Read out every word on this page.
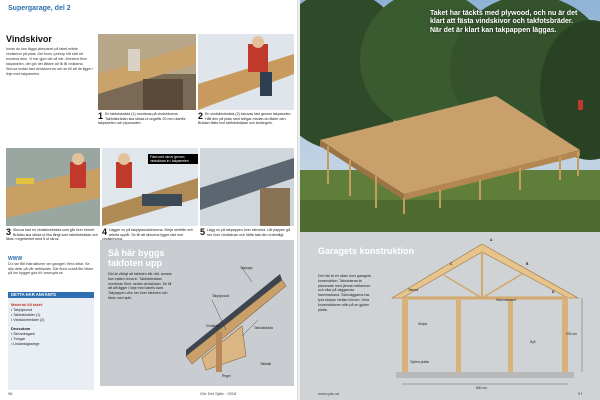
Supergarage, del 2
Vindskivor
Innan du kan lägga ytterpanel på taket måste vindskivor på plats. Det finns i princip två sätt att montera dem. Vi har gjort det så här: Montera först takpanelen, det gör det lättare att få till vinklarna. Skruva sedan fast vindskivorna och se till att de ligger i linje med takpanelen.
1 En takfotsbräda (1) monteras på vindskivorna. Takfotsbrädan ska sticka ut ungefär 20 mm utanför takpanelen och plywooden.
2 En vindskivebräda (2) skruvas fast genom takpanelen. Håll den på plats med tvingar medan du fäster den. Brädan fästs mot takfotsbrädan och ändregeln.
Fäst med skruv genom vindskivan in i takpanelen
3 Skruva fast en vindskivebräda som går över hörnet. Brädan ska sticka ut lika långt som takfotsbrädan och fästs i regelverket med 5 st skruv.
4 Lägger nu på takplywoodskivorna. Börja nerifrån och arbeta uppåt. Se till att skivorna ligger rakt mot	5 Lägg nu på takpappen över skivorna. Låt pappen gå ner över vindskivan och häfta fast den ordentligt.
WWW
Du har fått instruktioner om garaget i flera delar. Se alla delar på vår webbplats. Där finns också fler bilder på hur bygget gick till: www.gds.se
DETTA HAR ANVÄNTS
Material till taket
• Takplywood
• Takfotsbräder (1)
• Vindskivebräder (2)
Dessutom
• Skruvdragare
• Tvingar
• Undantagsstege
Så här byggs takfoten upp
Det är viktigt att takfoten blir rätt, annars kan vatten rinna in. Takfotsbrädan monteras först, sedan vindskivan. Se till att allt ligger i linje med takets kant. Takpappen viks ner över takfoten och fästs med spik.
Takpapp
Takplywood
Vindskiva	Takfotsbräda
Regel
Takbalk
98	Gör Det Själv · 2018
Taket har täckts med plywood, och nu är det klart att fästa vindskivor och takfotsbräder. När det är klart kan takpappen läggas.
Garagets konstruktion
Det här är en skiss över garagets konstruktion. Takstolarna är placerade med jämna mellanrum och vilar på väggarnas hammarband. Sidoväggarna har fyra stolpar mellan hörnen. Hela konstruktionen står på en gjuten platta.
A
B
C
D
Takstol
Hammarband
Stolpe
Syll
Gjuten platta
600 cm
230 cm
97
www.gds.se
